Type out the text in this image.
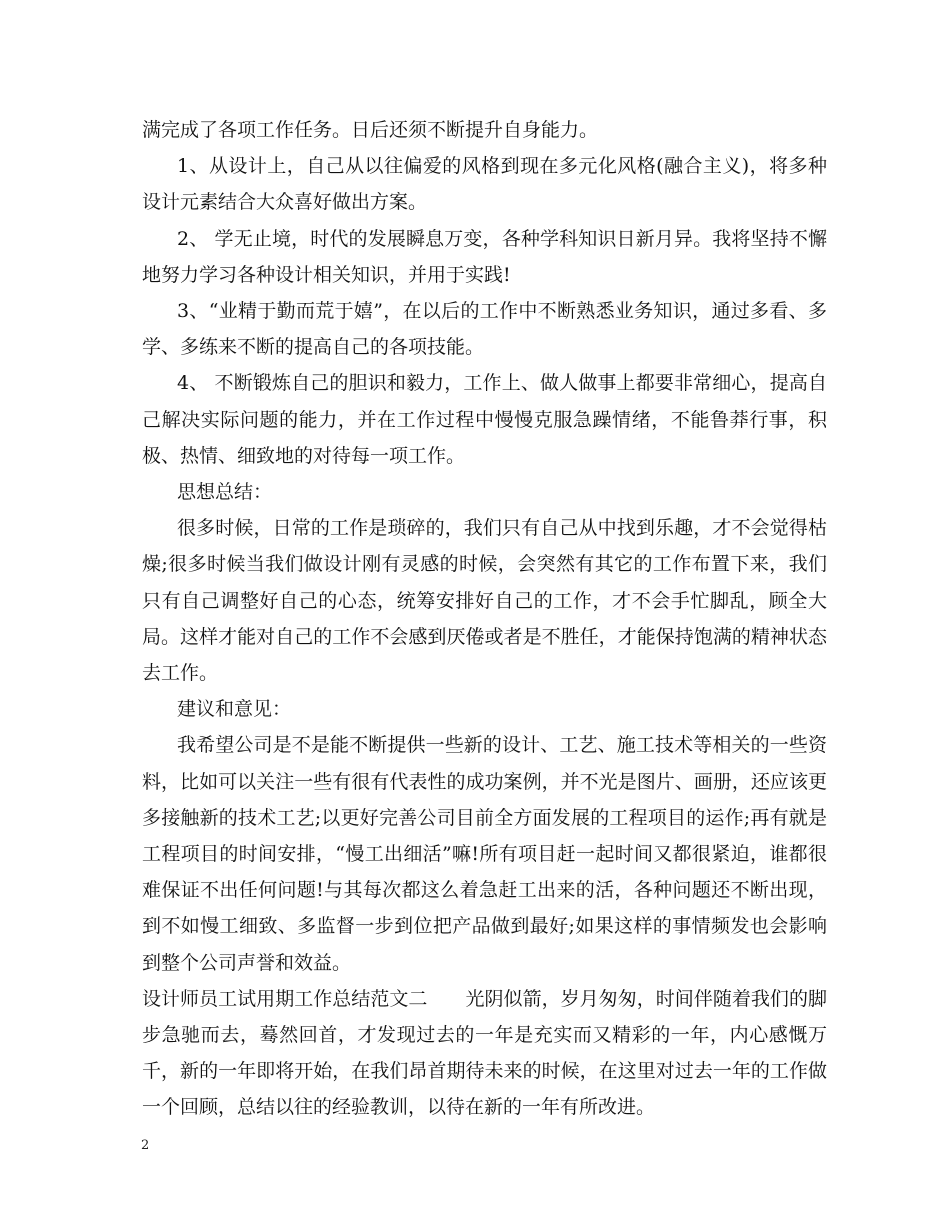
满完成了各项工作任务。日后还须不断提升自身能力。

1、从设计上，自己从以往偏爱的风格到现在多元化风格(融合主义)，将多种设计元素结合大众喜好做出方案。

2、 学无止境，时代的发展瞬息万变，各种学科知识日新月异。我将坚持不懈地努力学习各种设计相关知识，并用于实践!

3、“业精于勤而荒于嬉”，在以后的工作中不断熟悉业务知识，通过多看、多学、多练来不断的提高自己的各项技能。

4、 不断锻炼自己的胆识和毅力，工作上、做人做事上都要非常细心，提高自己解决实际问题的能力，并在工作过程中慢慢克服急躁情绪，不能鲁莽行事，积极、热情、细致地的对待每一项工作。

思想总结：

很多时候，日常的工作是琐碎的，我们只有自己从中找到乐趣，才不会觉得枯燥;很多时候当我们做设计刚有灵感的时候，会突然有其它的工作布置下来，我们只有自己调整好自己的心态，统筹安排好自己的工作，才不会手忙脚乱，顾全大局。这样才能对自己的工作不会感到厌倦或者是不胜任，才能保持饱满的精神状态去工作。

建议和意见：

我希望公司是不是能不断提供一些新的设计、工艺、施工技术等相关的一些资料，比如可以关注一些有很有代表性的成功案例，并不光是图片、画册，还应该更多接触新的技术工艺;以更好完善公司目前全方面发展的工程项目的运作;再有就是工程项目的时间安排，“慢工出细活”嘛!所有项目赶一起时间又都很紧迫，谁都很难保证不出任何问题!与其每次都这么着急赶工出来的活，各种问题还不断出现，到不如慢工细致、多监督一步到位把产品做到最好;如果这样的事情频发也会影响到整个公司声誉和效益。

设计师员工试用期工作总结范文二　　光阴似箭，岁月匆匆，时间伴随着我们的脚步急驰而去，蓦然回首，才发现过去的一年是充实而又精彩的一年，内心感慨万千，新的一年即将开始，在我们昂首期待未来的时候，在这里对过去一年的工作做一个回顾，总结以往的经验教训，以待在新的一年有所改进。

2
